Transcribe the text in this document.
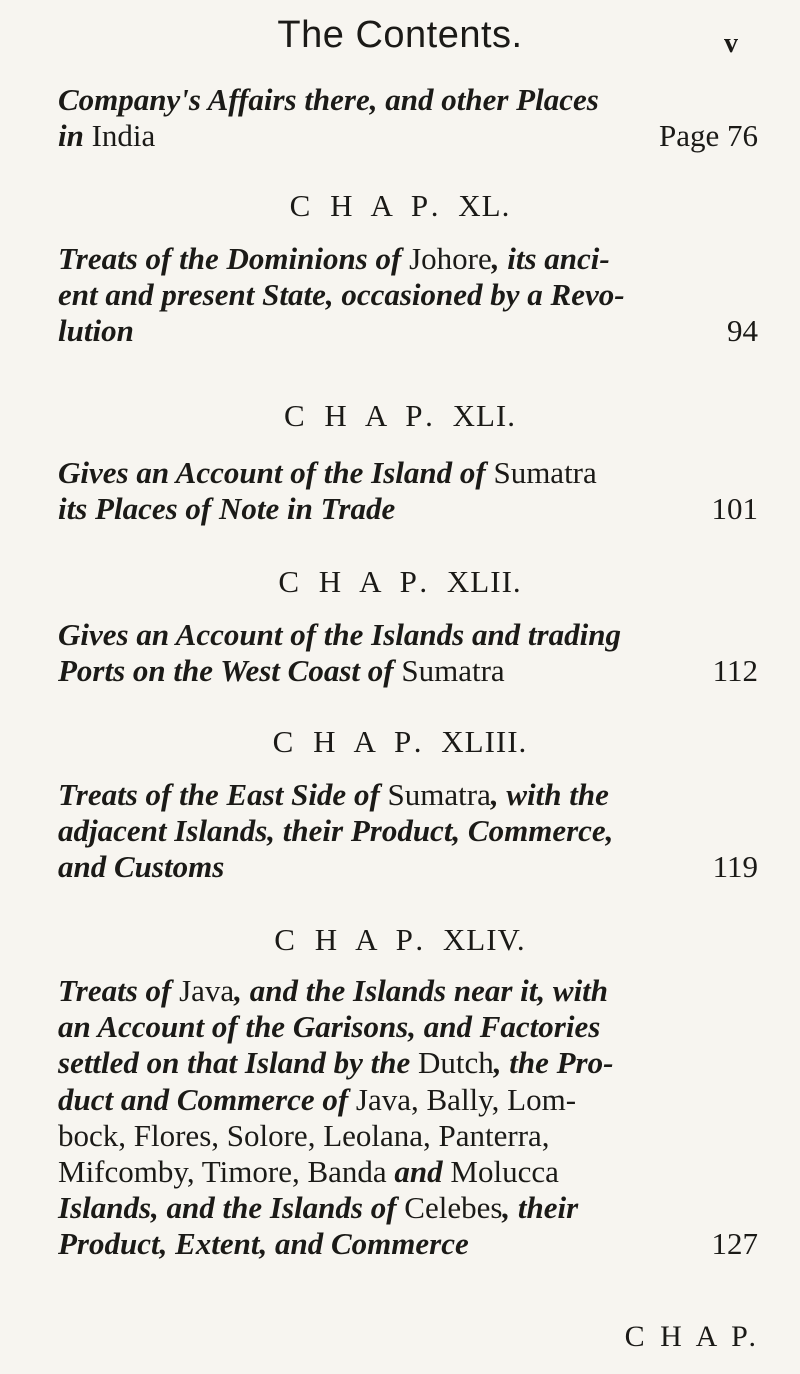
The Contents.	v
Company's Affairs there, and other Places
in India	Page 76
C H A P. XL.
Treats of the Dominions of Johore, its anci-
ent and present State, occasioned by a Revo-
lution	94
C H A P. XLI.
Gives an Account of the Island of Sumatra
its Places of Note in Trade	101
C H A P. XLII.
Gives an Account of the Islands and trading
Ports on the West Coast of Sumatra	112
C H A P. XLIII.
Treats of the East Side of Sumatra, with the
adjacent Islands, their Product, Commerce,
and Customs	119
C H A P. XLIV.
Treats of Java, and the Islands near it, with
an Account of the Garisons, and Factories
settled on that Island by the Dutch, the Pro-
duct and Commerce of Java, Bally, Lom-
bock, Flores, Solore, Leolana, Panterra,
Mifcomby, Timore, Banda and Molucca
Islands, and the Islands of Celebes, their
Product, Extent, and Commerce	127
C H A P.
